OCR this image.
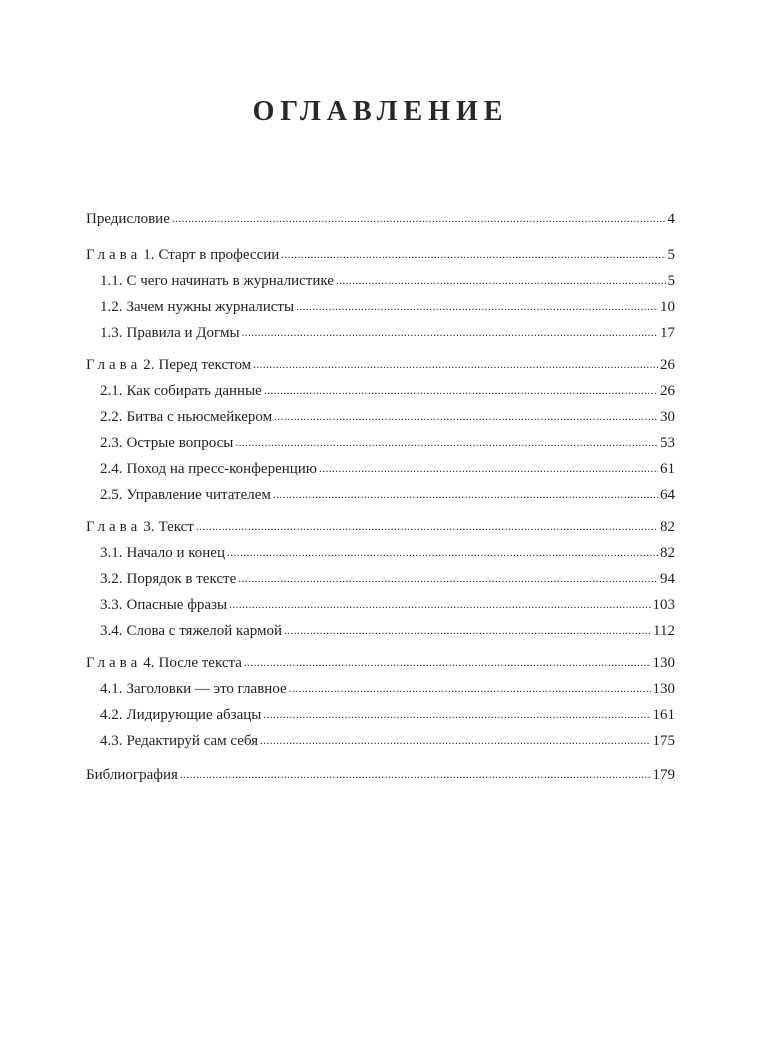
ОГЛАВЛЕНИЕ
Предисловие .....	4
Глава 1. Старт в профессии .....	5
1.1. С чего начинать в журналистике .....	5
1.2. Зачем нужны журналисты .....	10
1.3. Правила и Догмы .....	17
Глава 2. Перед текстом .....	26
2.1. Как собирать данные .....	26
2.2. Битва с ньюсмейкером .....	30
2.3. Острые вопросы .....	53
2.4. Поход на пресс-конференцию .....	61
2.5. Управление читателем .....	64
Глава 3. Текст .....	82
3.1. Начало и конец .....	82
3.2. Порядок в тексте .....	94
3.3. Опасные фразы .....	103
3.4. Слова с тяжелой кармой .....	112
Глава 4. После текста .....	130
4.1. Заголовки — это главное .....	130
4.2. Лидирующие абзацы .....	161
4.3. Редактируй сам себя .....	175
Библиография .....	179
